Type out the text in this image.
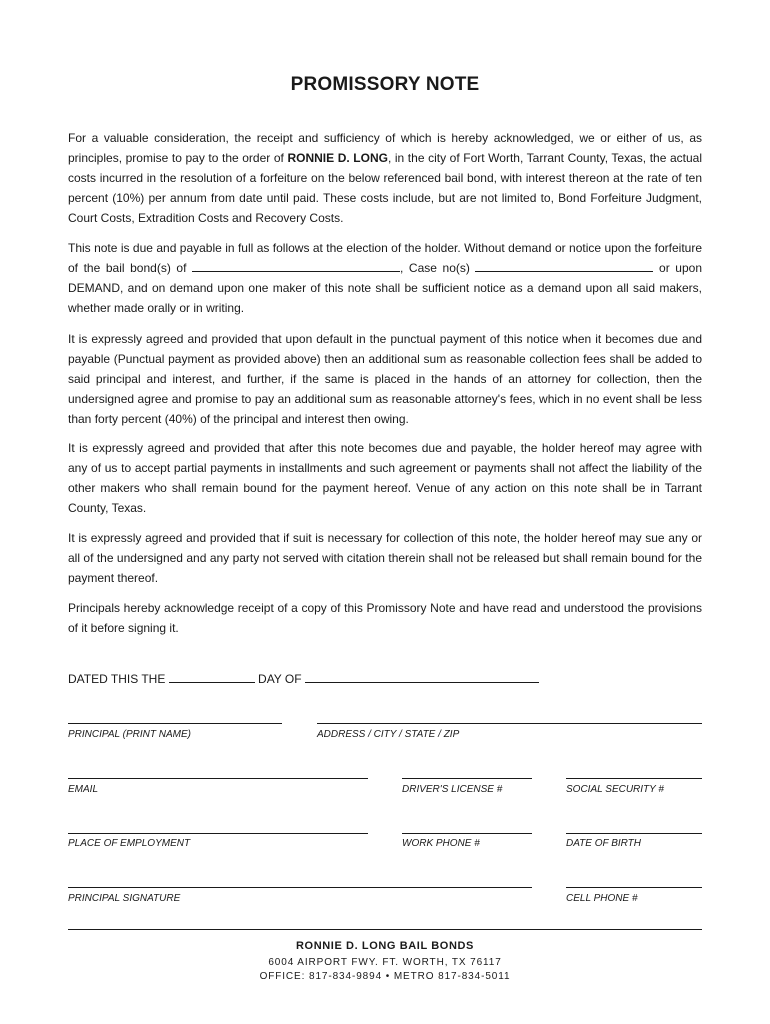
PROMISSORY NOTE

For a valuable consideration, the receipt and sufficiency of which is hereby acknowledged, we or either of us, as principles, promise to pay to the order of RONNIE D. LONG, in the city of Fort Worth, Tarrant County, Texas, the actual costs incurred in the resolution of a forfeiture on the below referenced bail bond, with interest thereon at the rate of ten percent (10%) per annum from date until paid. These costs include, but are not limited to, Bond Forfeiture Judgment, Court Costs, Extradition Costs and Recovery Costs.

This note is due and payable in full as follows at the election of the holder. Without demand or notice upon the forfeiture of the bail bond(s) of	, Case no(s)	or upon DEMAND, and on demand upon one maker of this note shall be sufficient notice as a demand upon all said makers, whether made orally or in writing.

It is expressly agreed and provided that upon default in the punctual payment of this notice when it becomes due and payable (Punctual payment as provided above) then an additional sum as reasonable collection fees shall be added to said principal and interest, and further, if the same is placed in the hands of an attorney for collection, then the undersigned agree and promise to pay an additional sum as reasonable attorney's fees, which in no event shall be less than forty percent (40%) of the principal and interest then owing.

It is expressly agreed and provided that after this note becomes due and payable, the holder hereof may agree with any of us to accept partial payments in installments and such agreement or payments shall not affect the liability of the other makers who shall remain bound for the payment hereof. Venue of any action on this note shall be in Tarrant County, Texas.

It is expressly agreed and provided that if suit is necessary for collection of this note, the holder hereof may sue any or all of the undersigned and any party not served with citation therein shall not be released but shall remain bound for the payment thereof.

Principals hereby acknowledge receipt of a copy of this Promissory Note and have read and understood the provisions of it before signing it.

DATED THIS THE	DAY OF
PRINCIPAL (PRINT NAME)	ADDRESS / CITY / STATE / ZIP
EMAIL	DRIVER'S LICENSE #	SOCIAL SECURITY #
PLACE OF EMPLOYMENT	WORK PHONE #	DATE OF BIRTH
PRINCIPAL SIGNATURE	CELL PHONE #
RONNIE D. LONG BAIL BONDS
6004 AIRPORT FWY. FT. WORTH, TX 76117
OFFICE: 817-834-9894 • METRO 817-834-5011
